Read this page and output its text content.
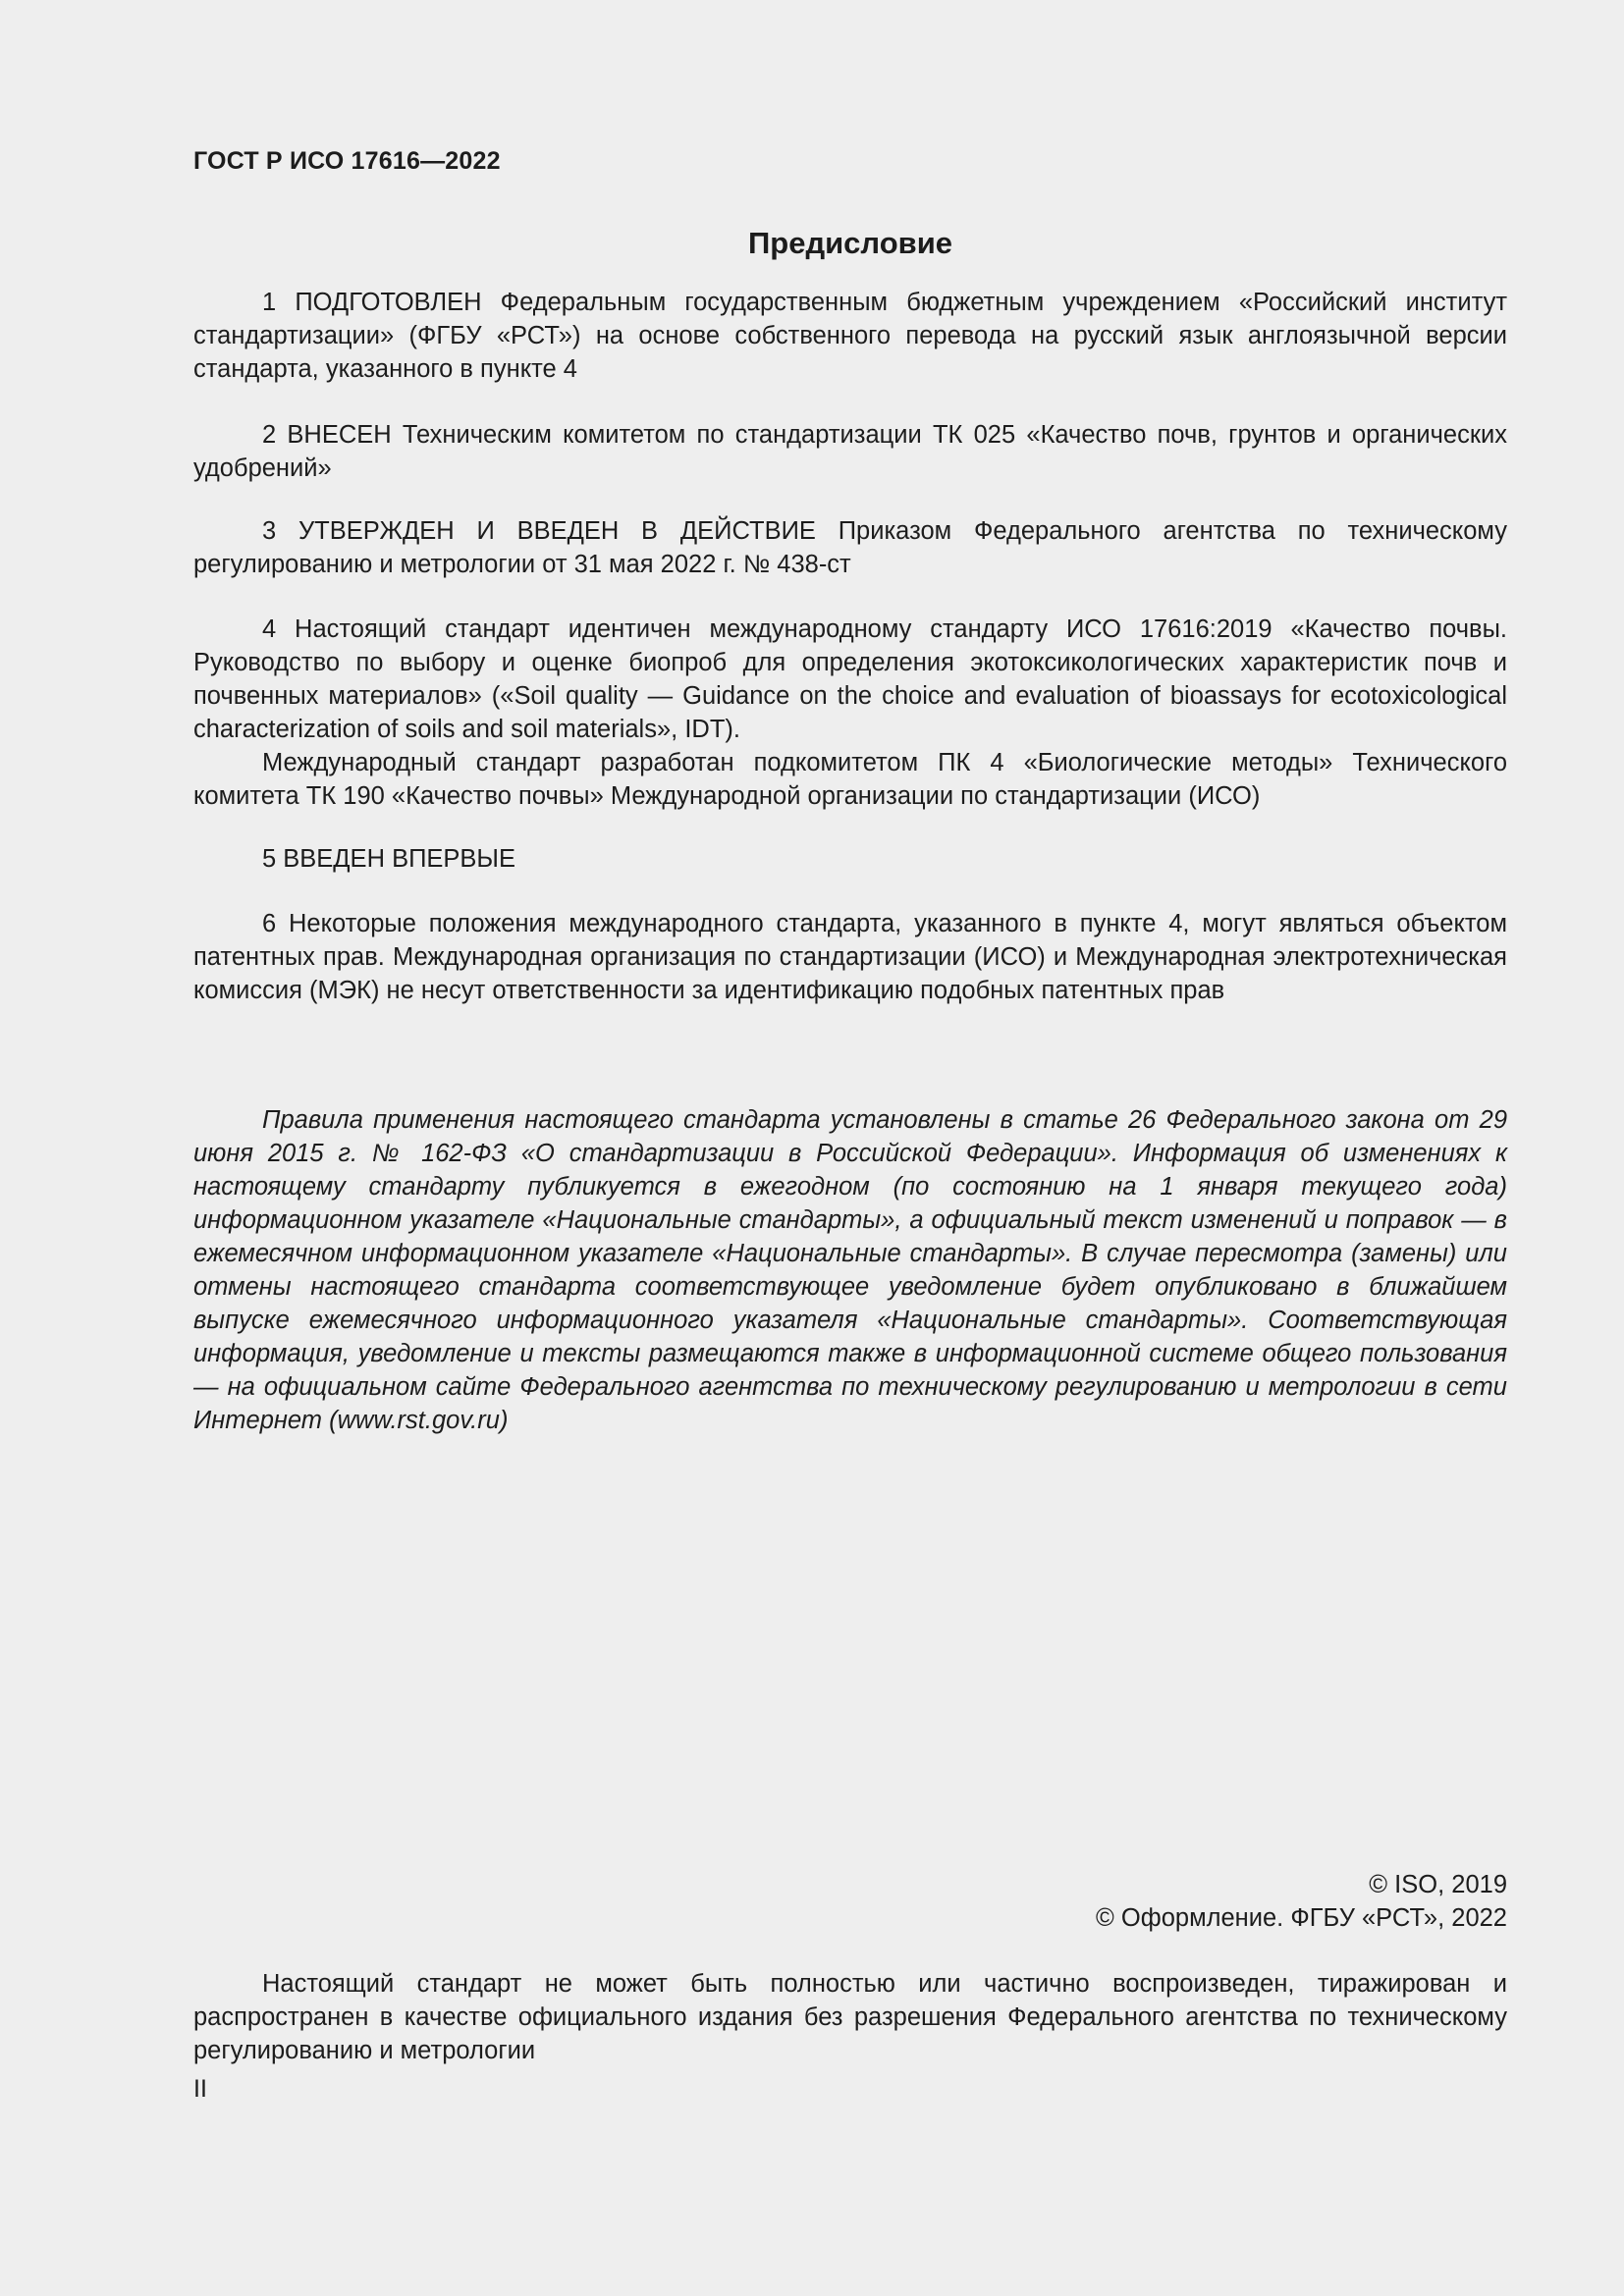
ГОСТ Р ИСО 17616—2022
Предисловие

1 ПОДГОТОВЛЕН Федеральным государственным бюджетным учреждением «Российский институт стандартизации» (ФГБУ «РСТ») на основе собственного перевода на русский язык англоязычной версии стандарта, указанного в пункте 4

2 ВНЕСЕН Техническим комитетом по стандартизации ТК 025 «Качество почв, грунтов и органических удобрений»

3 УТВЕРЖДЕН И ВВЕДЕН В ДЕЙСТВИЕ Приказом Федерального агентства по техническому регулированию и метрологии от 31 мая 2022 г. № 438-ст

4 Настоящий стандарт идентичен международному стандарту ИСО 17616:2019 «Качество почвы. Руководство по выбору и оценке биопроб для определения экотоксикологических характеристик почв и почвенных материалов» («Soil quality — Guidance on the choice and evaluation of bioassays for ecotoxicological characterization of soils and soil materials», IDT).

Международный стандарт разработан подкомитетом ПК 4 «Биологические методы» Технического комитета ТК 190 «Качество почвы» Международной организации по стандартизации (ИСО)

5 ВВЕДЕН ВПЕРВЫЕ

6 Некоторые положения международного стандарта, указанного в пункте 4, могут являться объектом патентных прав. Международная организация по стандартизации (ИСО) и Международная электротехническая комиссия (МЭК) не несут ответственности за идентификацию подобных патентных прав

Правила применения настоящего стандарта установлены в статье 26 Федерального закона от 29 июня 2015 г. № 162-ФЗ «О стандартизации в Российской Федерации». Информация об изменениях к настоящему стандарту публикуется в ежегодном (по состоянию на 1 января текущего года) информационном указателе «Национальные стандарты», а официальный текст изменений и поправок — в ежемесячном информационном указателе «Национальные стандарты». В случае пересмотра (замены) или отмены настоящего стандарта соответствующее уведомление будет опубликовано в ближайшем выпуске ежемесячного информационного указателя «Национальные стандарты». Соответствующая информация, уведомление и тексты размещаются также в информационной системе общего пользования — на официальном сайте Федерального агентства по техническому регулированию и метрологии в сети Интернет (www.rst.gov.ru)

© ISO, 2019
© Оформление. ФГБУ «РСТ», 2022

Настоящий стандарт не может быть полностью или частично воспроизведен, тиражирован и распространен в качестве официального издания без разрешения Федерального агентства по техническому регулированию и метрологии

II
